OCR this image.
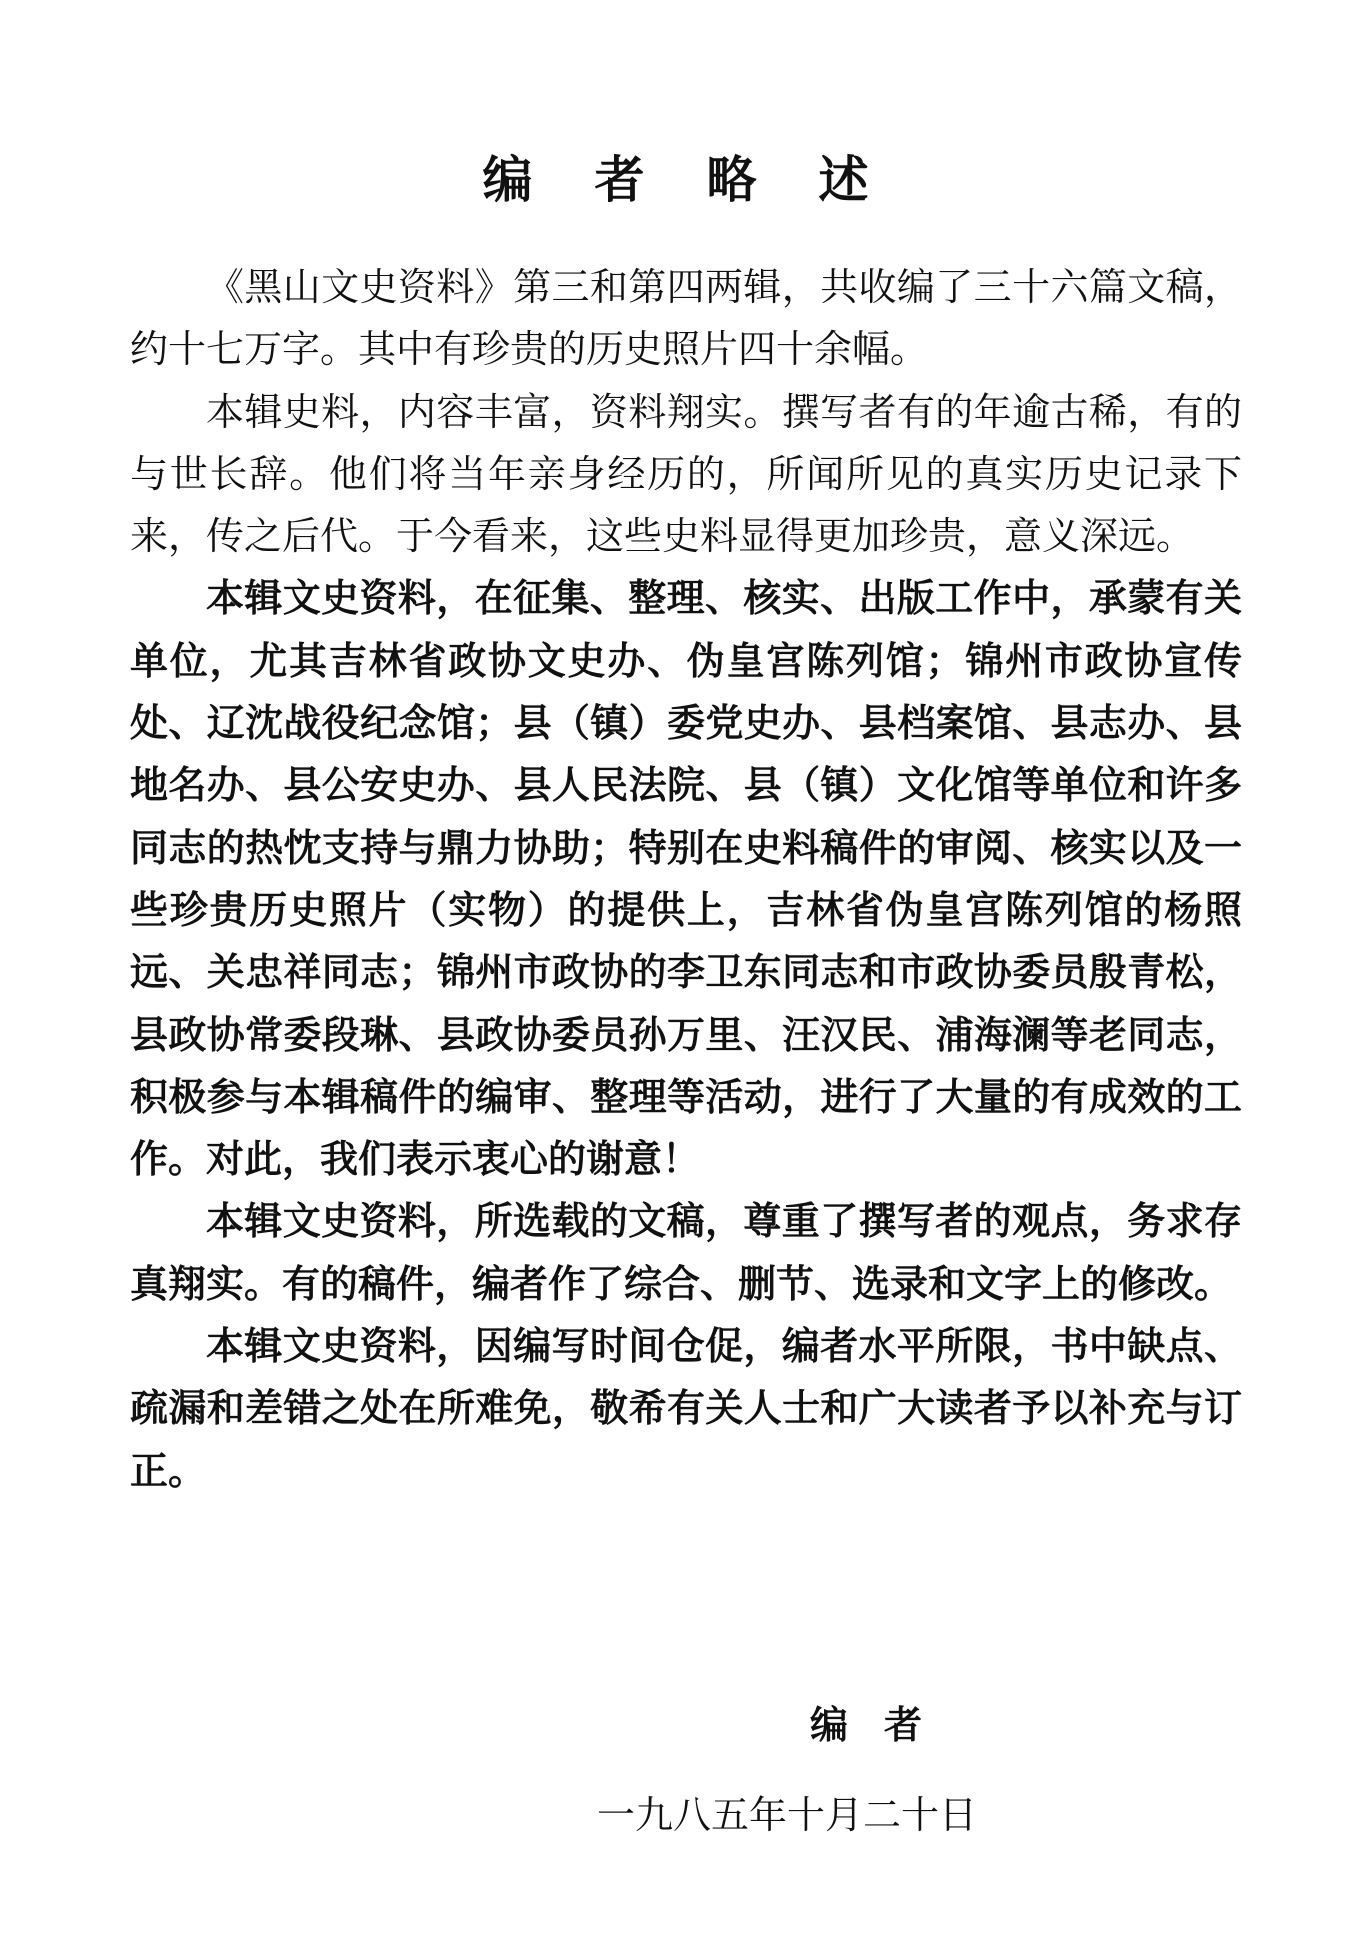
编者略述

《黑山文史资料》第三和第四两辑，共收编了三十六篇文稿，约十七万字。其中有珍贵的历史照片四十余幅。

本辑史料，内容丰富，资料翔实。撰写者有的年逾古稀，有的与世长辞。他们将当年亲身经历的，所闻所见的真实历史记录下来，传之后代。于今看来，这些史料显得更加珍贵，意义深远。

本辑文史资料，在征集、整理、核实、出版工作中，承蒙有关单位，尤其吉林省政协文史办、伪皇宫陈列馆；锦州市政协宣传处、辽沈战役纪念馆；县（镇）委党史办、县档案馆、县志办、县地名办、县公安史办、县人民法院、县（镇）文化馆等单位和许多同志的热忱支持与鼎力协助；特别在史料稿件的审阅、核实以及一些珍贵历史照片（实物）的提供上，吉林省伪皇宫陈列馆的杨照远、关忠祥同志；锦州市政协的李卫东同志和市政协委员殷青松，县政协常委段琳、县政协委员孙万里、汪汉民、浦海澜等老同志，积极参与本辑稿件的编审、整理等活动，进行了大量的有成效的工作。对此，我们表示衷心的谢意！

本辑文史资料，所选载的文稿，尊重了撰写者的观点，务求存真翔实。有的稿件，编者作了综合、删节、选录和文字上的修改。

本辑文史资料，因编写时间仓促，编者水平所限，书中缺点、疏漏和差错之处在所难免，敬希有关人士和广大读者予以补充与订正。

编者
一九八五年十月二十日
